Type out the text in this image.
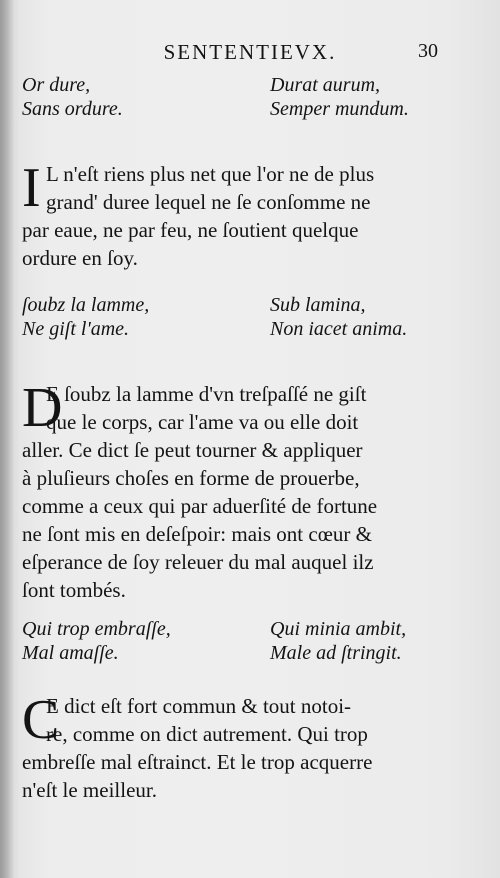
SENTENTIEVX.	30
Or dure,	Durat aurum,
Sans ordure.	Semper mundum.
I L n'eſt riens plus net que l'or ne de plus
grand' duree lequel ne ſe conſomme ne
par eaue, ne par feu, ne ſoutient quelque
ordure en ſoy.
ſoubz la lamme,	Sub lamina,
Ne giſt l'ame.	Non iacet anima.
D
E ſoubz la lamme d'vn treſpaſſé ne giſt
que le corps, car l'ame va ou elle doit
aller. Ce dict ſe peut tourner & appliquer
à pluſieurs choſes en forme de prouerbe,
comme a ceux qui par aduerſité de fortune
ne ſont mis en deſeſpoir: mais ont cœur &
eſperance de ſoy releuer du mal auquel ilz
ſont tombés.
Qui trop embraſſe,	Qui minia ambit,
Mal amaſſe.	Male ad ſtringit.
C
E dict eſt fort commun & tout notoi-
re, comme on dict autrement. Qui trop
embreſſe mal eſtrainct. Et le trop acquerre
n'eſt le meilleur.
